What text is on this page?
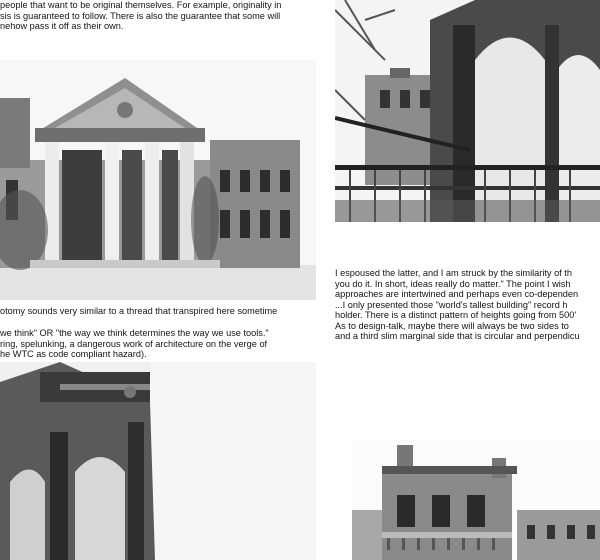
people that want to be original themselves. For example, originality in
sis is guaranteed to follow. There is also the guarantee that some will
nehow pass it off as their own.
otomy sounds very similar to a thread that transpired here sometime
we think" OR "the way we think determines the way we use tools."
ring, spelunking, a dangerous work of architecture on the verge of
he WTC as code compliant hazard).
I espoused the latter, and I am struck by the similarity of th
you do it. In short, ideas really do matter." The point I wish
approaches are intertwined and perhaps even co-dependen
...I only presented those "world's tallest building" record h
holder. There is a distinct pattern of heights going from 500'
As to design-talk, maybe there will always be two sides to
and a third slim marginal side that is circular and perpendicu
